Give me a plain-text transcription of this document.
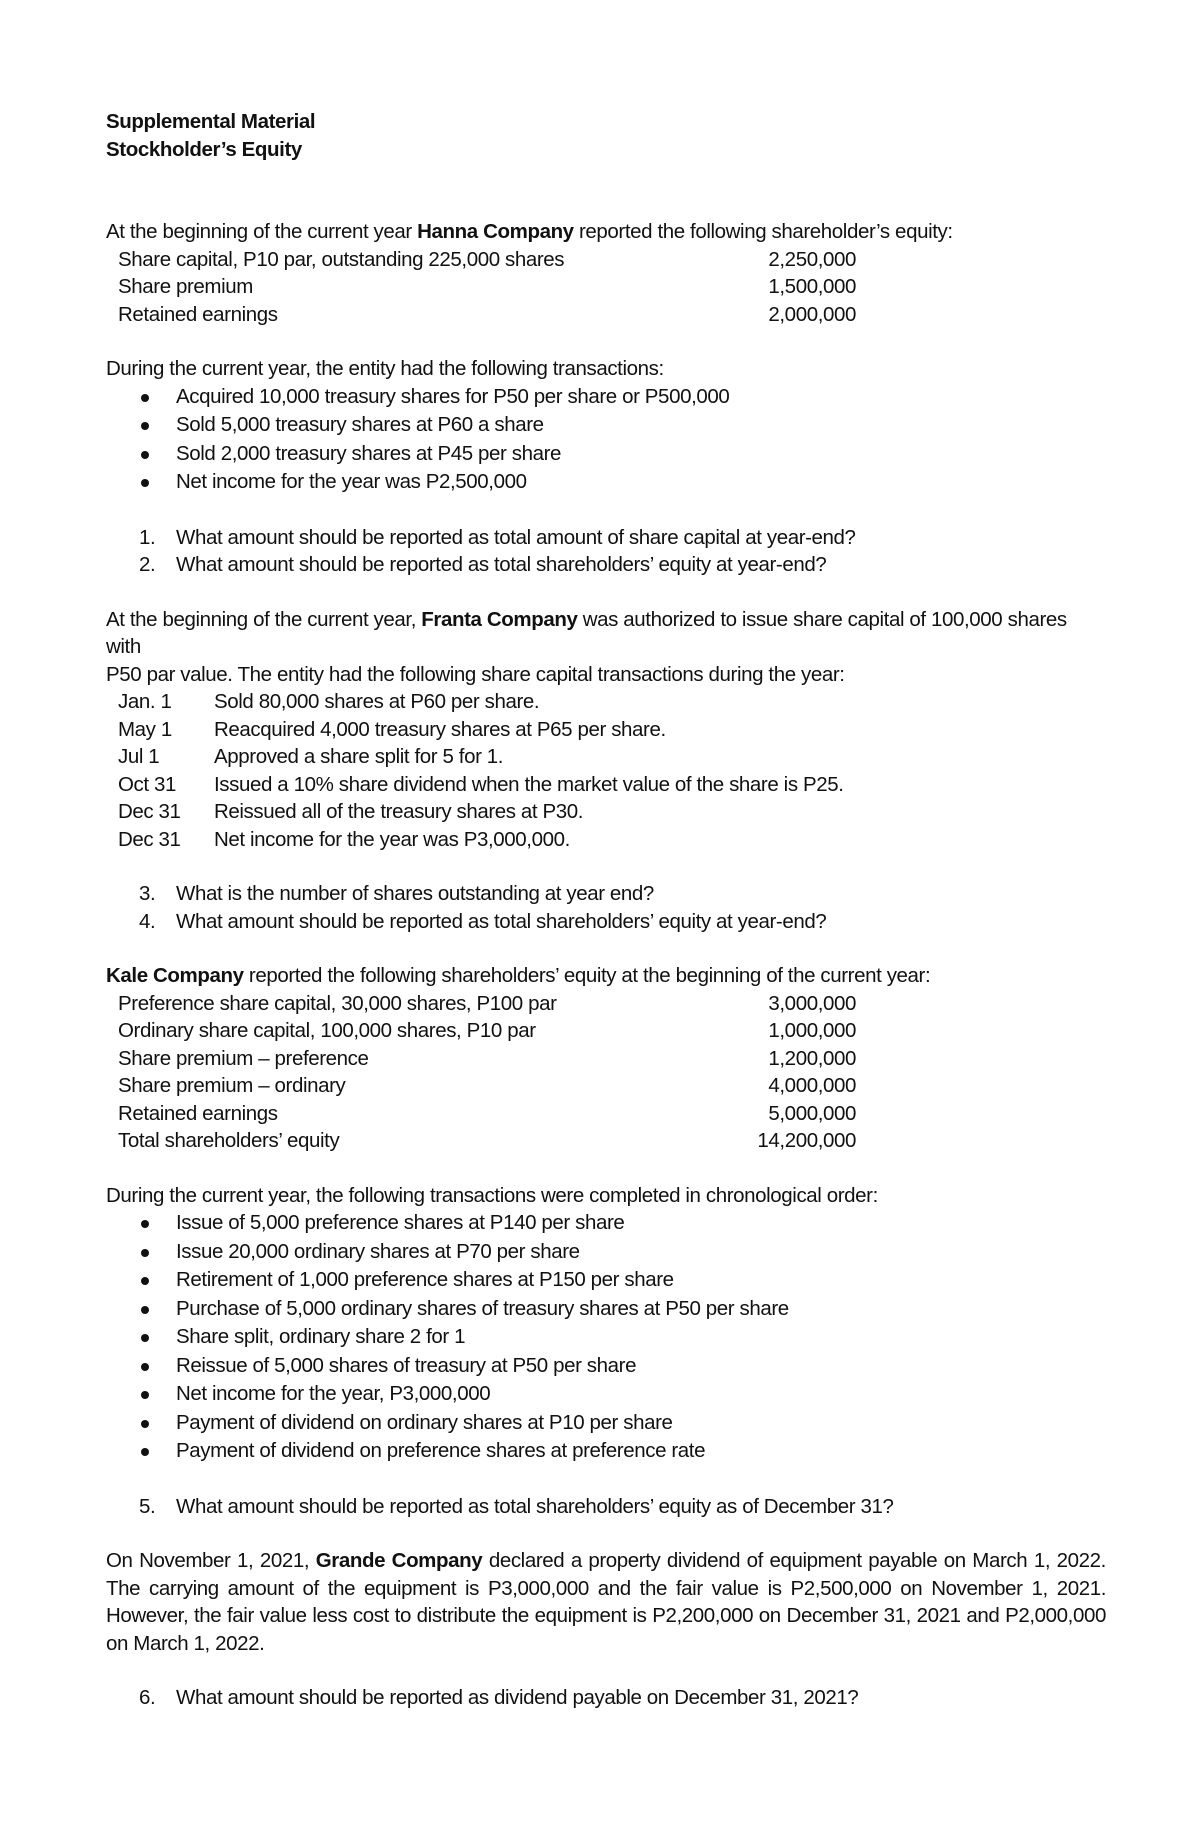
Supplemental Material

Stockholder’s Equity

At the beginning of the current year Hanna Company reported the following shareholder’s equity:

Share capital, P10 par, outstanding 225,000 shares	2,250,000
Share premium	1,500,000
Retained earnings	2,000,000

During the current year, the entity had the following transactions:

Acquired 10,000 treasury shares for P50 per share or P500,000
Sold 5,000 treasury shares at P60 a share
Sold 2,000 treasury shares at P45 per share
Net income for the year was P2,500,000
1. What amount should be reported as total amount of share capital at year-end?
2. What amount should be reported as total shareholders’ equity at year-end?

At the beginning of the current year, Franta Company was authorized to issue share capital of 100,000 shares with

P50 par value. The entity had the following share capital transactions during the year:

Jan. 1	Sold 80,000 shares at P60 per share.
May 1	Reacquired 4,000 treasury shares at P65 per share.
Jul 1	Approved a share split for 5 for 1.
Oct 31	Issued a 10% share dividend when the market value of the share is P25.
Dec 31	Reissued all of the treasury shares at P30.
Dec 31	Net income for the year was P3,000,000.
3. What is the number of shares outstanding at year end?
4. What amount should be reported as total shareholders’ equity at year-end?

Kale Company reported the following shareholders’ equity at the beginning of the current year:

Preference share capital, 30,000 shares, P100 par	3,000,000
Ordinary share capital, 100,000 shares, P10 par	1,000,000
Share premium – preference	1,200,000
Share premium – ordinary	4,000,000
Retained earnings	5,000,000
Total shareholders’ equity	14,200,000

During the current year, the following transactions were completed in chronological order:

Issue of 5,000 preference shares at P140 per share
Issue 20,000 ordinary shares at P70 per share
Retirement of 1,000 preference shares at P150 per share
Purchase of 5,000 ordinary shares of treasury shares at P50 per share
Share split, ordinary share 2 for 1
Reissue of 5,000 shares of treasury at P50 per share
Net income for the year, P3,000,000
Payment of dividend on ordinary shares at P10 per share
Payment of dividend on preference shares at preference rate
5. What amount should be reported as total shareholders’ equity as of December 31?

On November 1, 2021, Grande Company declared a property dividend of equipment payable on March 1, 2022. The carrying amount of the equipment is P3,000,000 and the fair value is P2,500,000 on November 1, 2021. However, the fair value less cost to distribute the equipment is P2,200,000 on December 31, 2021 and P2,000,000 on March 1, 2022.

6. What amount should be reported as dividend payable on December 31, 2021?
